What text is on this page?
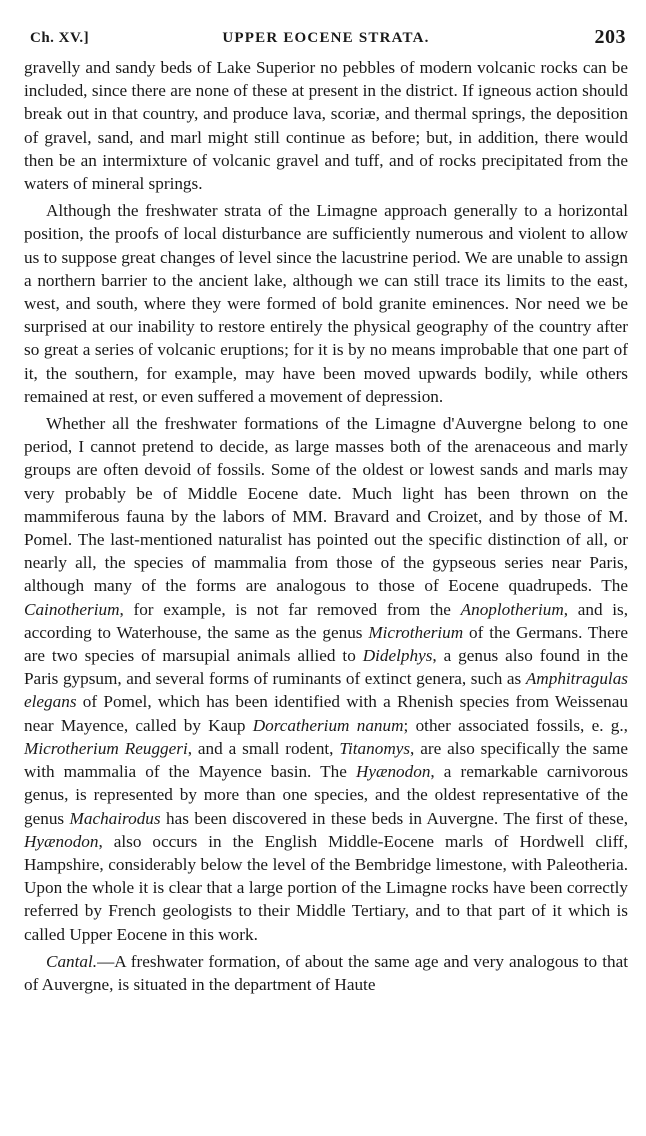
Ch. XV.]	UPPER EOCENE STRATA.	203

gravelly and sandy beds of Lake Superior no pebbles of modern volcanic rocks can be included, since there are none of these at present in the district. If igneous action should break out in that country, and produce lava, scoriæ, and thermal springs, the deposition of gravel, sand, and marl might still continue as before; but, in addition, there would then be an intermixture of volcanic gravel and tuff, and of rocks precipitated from the waters of mineral springs.

Although the freshwater strata of the Limagne approach generally to a horizontal position, the proofs of local disturbance are sufficiently numerous and violent to allow us to suppose great changes of level since the lacustrine period. We are unable to assign a northern barrier to the ancient lake, although we can still trace its limits to the east, west, and south, where they were formed of bold granite eminences. Nor need we be surprised at our inability to restore entirely the physical geography of the country after so great a series of volcanic eruptions; for it is by no means improbable that one part of it, the southern, for example, may have been moved upwards bodily, while others remained at rest, or even suffered a movement of depression.

Whether all the freshwater formations of the Limagne d'Auvergne belong to one period, I cannot pretend to decide, as large masses both of the arenaceous and marly groups are often devoid of fossils. Some of the oldest or lowest sands and marls may very probably be of Middle Eocene date. Much light has been thrown on the mammiferous fauna by the labors of MM. Bravard and Croizet, and by those of M. Pomel. The last-mentioned naturalist has pointed out the specific distinction of all, or nearly all, the species of mammalia from those of the gypseous series near Paris, although many of the forms are analogous to those of Eocene quadrupeds. The Cainotherium, for example, is not far removed from the Anoplotherium, and is, according to Waterhouse, the same as the genus Microtherium of the Germans. There are two species of marsupial animals allied to Didelphys, a genus also found in the Paris gypsum, and several forms of ruminants of extinct genera, such as Amphitragulas elegans of Pomel, which has been identified with a Rhenish species from Weissenau near Mayence, called by Kaup Dorcatherium nanum; other associated fossils, e. g., Microtherium Reuggeri, and a small rodent, Titanomys, are also specifically the same with mammalia of the Mayence basin. The Hyænodon, a remarkable carnivorous genus, is represented by more than one species, and the oldest representative of the genus Machairodus has been discovered in these beds in Auvergne. The first of these, Hyænodon, also occurs in the English Middle-Eocene marls of Hordwell cliff, Hampshire, considerably below the level of the Bembridge limestone, with Paleotheria. Upon the whole it is clear that a large portion of the Limagne rocks have been correctly referred by French geologists to their Middle Tertiary, and to that part of it which is called Upper Eocene in this work.

Cantal.—A freshwater formation, of about the same age and very analogous to that of Auvergne, is situated in the department of Haute
